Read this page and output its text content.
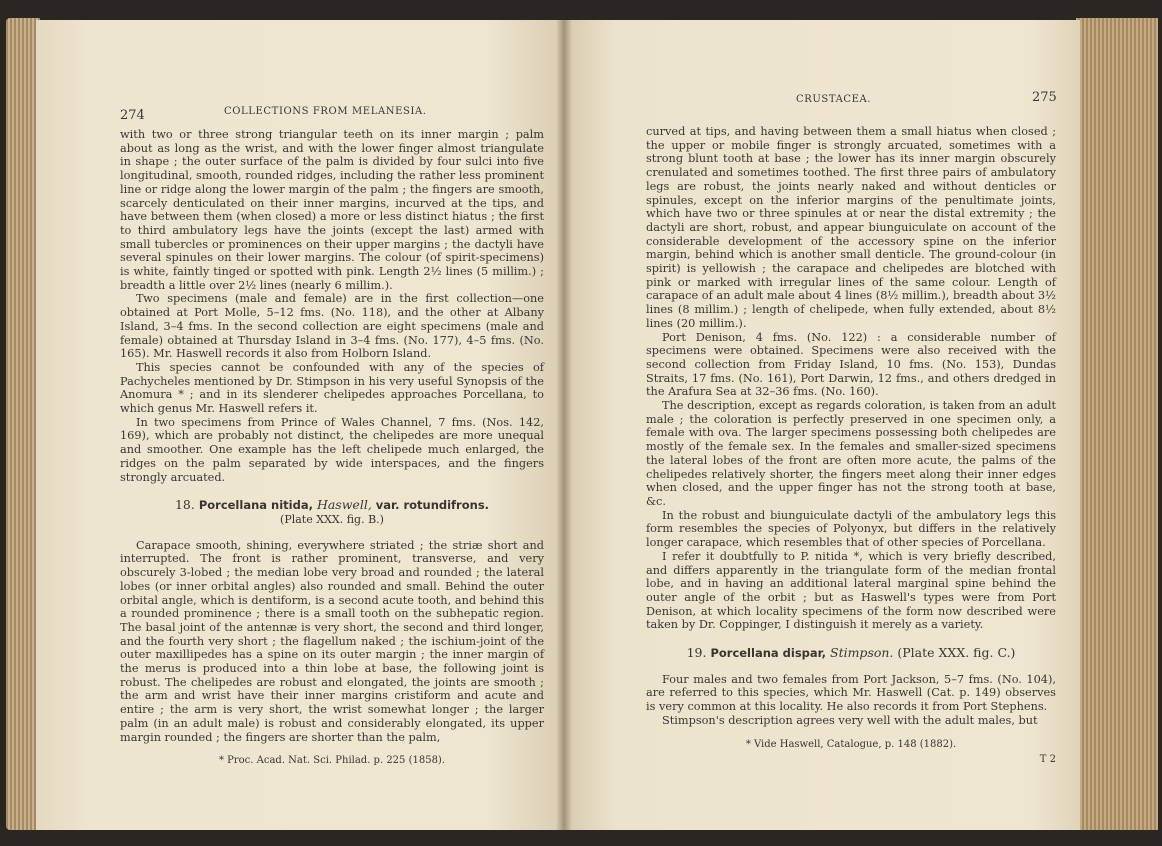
274	COLLECTIONS FROM MELANESIA.

with two or three strong triangular teeth on its inner margin ; palm about as long as the wrist, and with the lower finger almost triangulate in shape ; the outer surface of the palm is divided by four sulci into five longitudinal, smooth, rounded ridges, including the rather less prominent line or ridge along the lower margin of the palm ; the fingers are smooth, scarcely denticulated on their inner margins, incurved at the tips, and have between them (when closed) a more or less distinct hiatus ; the first to third ambulatory legs have the joints (except the last) armed with small tubercles or prominences on their upper margins ; the dactyli have several spinules on their lower margins. The colour (of spirit-specimens) is white, faintly tinged or spotted with pink. Length 2½ lines (5 millim.) ; breadth a little over 2½ lines (nearly 6 millim.).

Two specimens (male and female) are in the first collection—one obtained at Port Molle, 5–12 fms. (No. 118), and the other at Albany Island, 3–4 fms. In the second collection are eight specimens (male and female) obtained at Thursday Island in 3–4 fms. (No. 177), 4–5 fms. (No. 165). Mr. Haswell records it also from Holborn Island.

This species cannot be confounded with any of the species of Pachycheles mentioned by Dr. Stimpson in his very useful Synopsis of the Anomura * ; and in its slenderer chelipedes approaches Porcellana, to which genus Mr. Haswell refers it.

In two specimens from Prince of Wales Channel, 7 fms. (Nos. 142, 169), which are probably not distinct, the chelipedes are more unequal and smoother. One example has the left chelipede much enlarged, the ridges on the palm separated by wide interspaces, and the fingers strongly arcuated.

18. Porcellana nitida, Haswell, var. rotundifrons.
(Plate XXX. fig. B.)

Carapace smooth, shining, everywhere striated ; the striæ short and interrupted. The front is rather prominent, transverse, and very obscurely 3-lobed ; the median lobe very broad and rounded ; the lateral lobes (or inner orbital angles) also rounded and small. Behind the outer orbital angle, which is dentiform, is a second acute tooth, and behind this a rounded prominence ; there is a small tooth on the subhepatic region. The basal joint of the antennæ is very short, the second and third longer, and the fourth very short ; the flagellum naked ; the ischium-joint of the outer maxillipedes has a spine on its outer margin ; the inner margin of the merus is produced into a thin lobe at base, the following joint is robust. The chelipedes are robust and elongated, the joints are smooth ; the arm and wrist have their inner margins cristiform and acute and entire ; the arm is very short, the wrist somewhat longer ; the larger palm (in an adult male) is robust and considerably elongated, its upper margin rounded ; the fingers are shorter than the palm,

* Proc. Acad. Nat. Sci. Philad. p. 225 (1858).
CRUSTACEA.	275

curved at tips, and having between them a small hiatus when closed ; the upper or mobile finger is strongly arcuated, sometimes with a strong blunt tooth at base ; the lower has its inner margin obscurely crenulated and sometimes toothed. The first three pairs of ambulatory legs are robust, the joints nearly naked and without denticles or spinules, except on the inferior margins of the penultimate joints, which have two or three spinules at or near the distal extremity ; the dactyli are short, robust, and appear biunguiculate on account of the considerable development of the accessory spine on the inferior margin, behind which is another small denticle. The ground-colour (in spirit) is yellowish ; the carapace and chelipedes are blotched with pink or marked with irregular lines of the same colour. Length of carapace of an adult male about 4 lines (8½ millim.), breadth about 3½ lines (8 millim.) ; length of chelipede, when fully extended, about 8½ lines (20 millim.).

Port Denison, 4 fms. (No. 122) : a considerable number of specimens were obtained. Specimens were also received with the second collection from Friday Island, 10 fms. (No. 153), Dundas Straits, 17 fms. (No. 161), Port Darwin, 12 fms., and others dredged in the Arafura Sea at 32–36 fms. (No. 160).

The description, except as regards coloration, is taken from an adult male ; the coloration is perfectly preserved in one specimen only, a female with ova. The larger specimens possessing both chelipedes are mostly of the female sex. In the females and smaller-sized specimens the lateral lobes of the front are often more acute, the palms of the chelipedes relatively shorter, the fingers meet along their inner edges when closed, and the upper finger has not the strong tooth at base, &c.

In the robust and biunguiculate dactyli of the ambulatory legs this form resembles the species of Polyonyx, but differs in the relatively longer carapace, which resembles that of other species of Porcellana.

I refer it doubtfully to P. nitida *, which is very briefly described, and differs apparently in the triangulate form of the median frontal lobe, and in having an additional lateral marginal spine behind the outer angle of the orbit ; but as Haswell's types were from Port Denison, at which locality specimens of the form now described were taken by Dr. Coppinger, I distinguish it merely as a variety.

19. Porcellana dispar, Stimpson. (Plate XXX. fig. C.)

Four males and two females from Port Jackson, 5–7 fms. (No. 104), are referred to this species, which Mr. Haswell (Cat. p. 149) observes is very common at this locality. He also records it from Port Stephens.

Stimpson's description agrees very well with the adult males, but

* Vide Haswell, Catalogue, p. 148 (1882).
T 2
